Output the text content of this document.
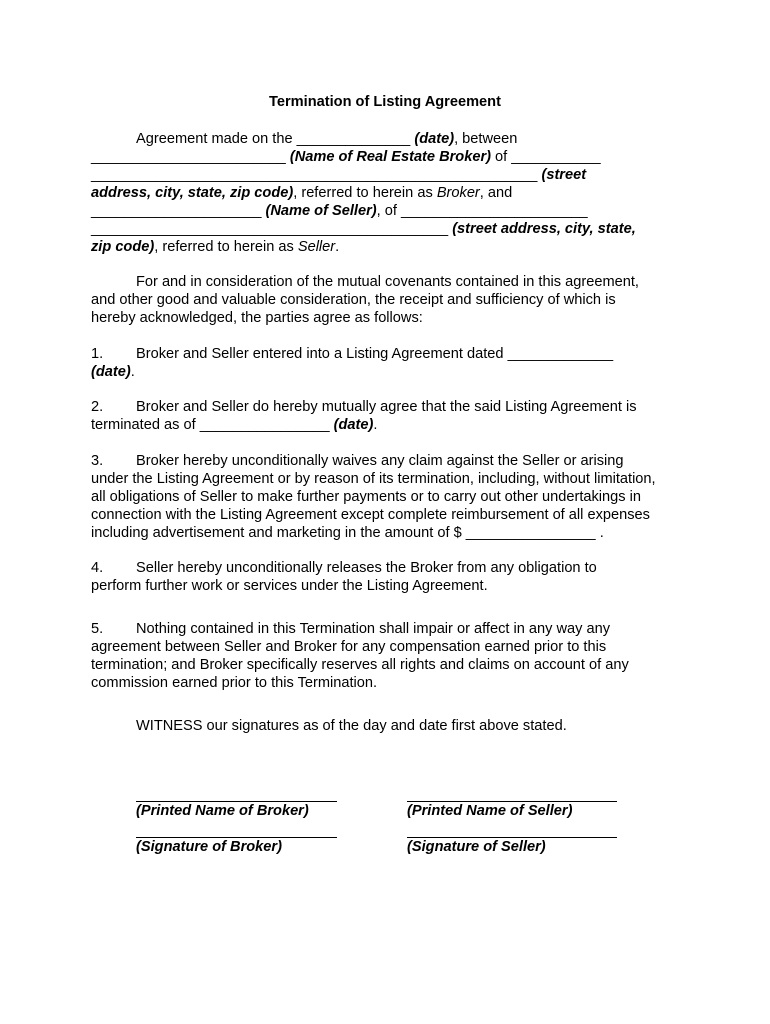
Termination of Listing Agreement
Agreement made on the ______________ (date), between
________________________ (Name of Real Estate Broker) of ___________
_______________________________________________________ (street
address, city, state, zip code), referred to herein as Broker, and
_____________________ (Name of Seller), of _______________________
____________________________________________ (street address, city, state,
zip code), referred to herein as Seller.
For and in consideration of the mutual covenants contained in this agreement,
and other good and valuable consideration, the receipt and sufficiency of which is
hereby acknowledged, the parties agree as follows:
1. Broker and Seller entered into a Listing Agreement dated _____________
(date).
2. Broker and Seller do hereby mutually agree that the said Listing Agreement is
terminated as of ________________ (date).
3. Broker hereby unconditionally waives any claim against the Seller or arising
under the Listing Agreement or by reason of its termination, including, without limitation,
all obligations of Seller to make further payments or to carry out other undertakings in
connection with the Listing Agreement except complete reimbursement of all expenses
including advertisement and marketing in the amount of $ ________________ .
4. Seller hereby unconditionally releases the Broker from any obligation to
perform further work or services under the Listing Agreement.
5. Nothing contained in this Termination shall impair or affect in any way any
agreement between Seller and Broker for any compensation earned prior to this
termination; and Broker specifically reserves all rights and claims on account of any
commission earned prior to this Termination.
WITNESS our signatures as of the day and date first above stated.
(Printed Name of Broker)	(Printed Name of Seller)
(Signature of Broker)	(Signature of Seller)
